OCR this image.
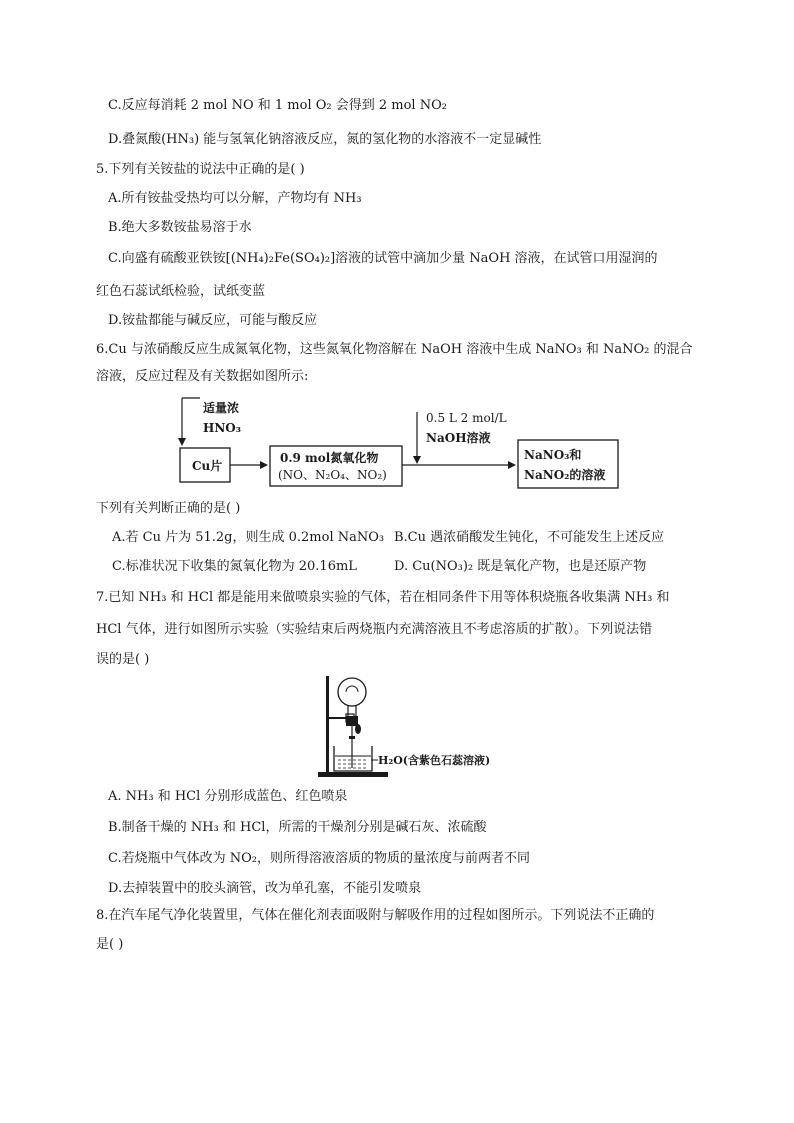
C.反应每消耗 2 mol NO 和 1 mol O₂ 会得到 2 mol NO₂
D.叠氮酸(HN₃) 能与氢氧化钠溶液反应，氮的氢化物的水溶液不一定显碱性
5.下列有关铵盐的说法中正确的是( )
A.所有铵盐受热均可以分解，产物均有 NH₃
B.绝大多数铵盐易溶于水
C.向盛有硫酸亚铁铵[(NH₄)₂Fe(SO₄)₂]溶液的试管中滴加少量 NaOH 溶液，在试管口用湿润的
红色石蕊试纸检验，试纸变蓝
D.铵盐都能与碱反应，可能与酸反应
6.Cu 与浓硝酸反应生成氮氧化物，这些氮氧化物溶解在 NaOH 溶液中生成 NaNO₃ 和 NaNO₂ 的混合
溶液，反应过程及有关数据如图所示:
适量浓
HNO₃
Cu片
0.9 mol氮氧化物
(NO、N₂O₄、NO₂)
0.5 L 2 mol/L
NaOH溶液
NaNO₃和
NaNO₂的溶液
下列有关判断正确的是( )
A.若 Cu 片为 51.2g，则生成 0.2mol NaNO₃ B.Cu 遇浓硝酸发生钝化，不可能发生上述反应
C.标准状况下收集的氮氧化物为 20.16mL	D. Cu(NO₃)₂ 既是氧化产物，也是还原产物
7.已知 NH₃ 和 HCl 都是能用来做喷泉实验的气体，若在相同条件下用等体积烧瓶各收集满 NH₃ 和
HCl 气体，进行如图所示实验（实验结束后两烧瓶内充满溶液且不考虑溶质的扩散）。下列说法错
误的是( )
H₂O(含紫色石蕊溶液)
A. NH₃ 和 HCl 分别形成蓝色、红色喷泉
B.制备干燥的 NH₃ 和 HCl，所需的干燥剂分别是碱石灰、浓硫酸
C.若烧瓶中气体改为 NO₂，则所得溶液溶质的物质的量浓度与前两者不同
D.去掉装置中的胶头滴管，改为单孔塞，不能引发喷泉
8.在汽车尾气净化装置里，气体在催化剂表面吸附与解吸作用的过程如图所示。下列说法不正确的
是( )
